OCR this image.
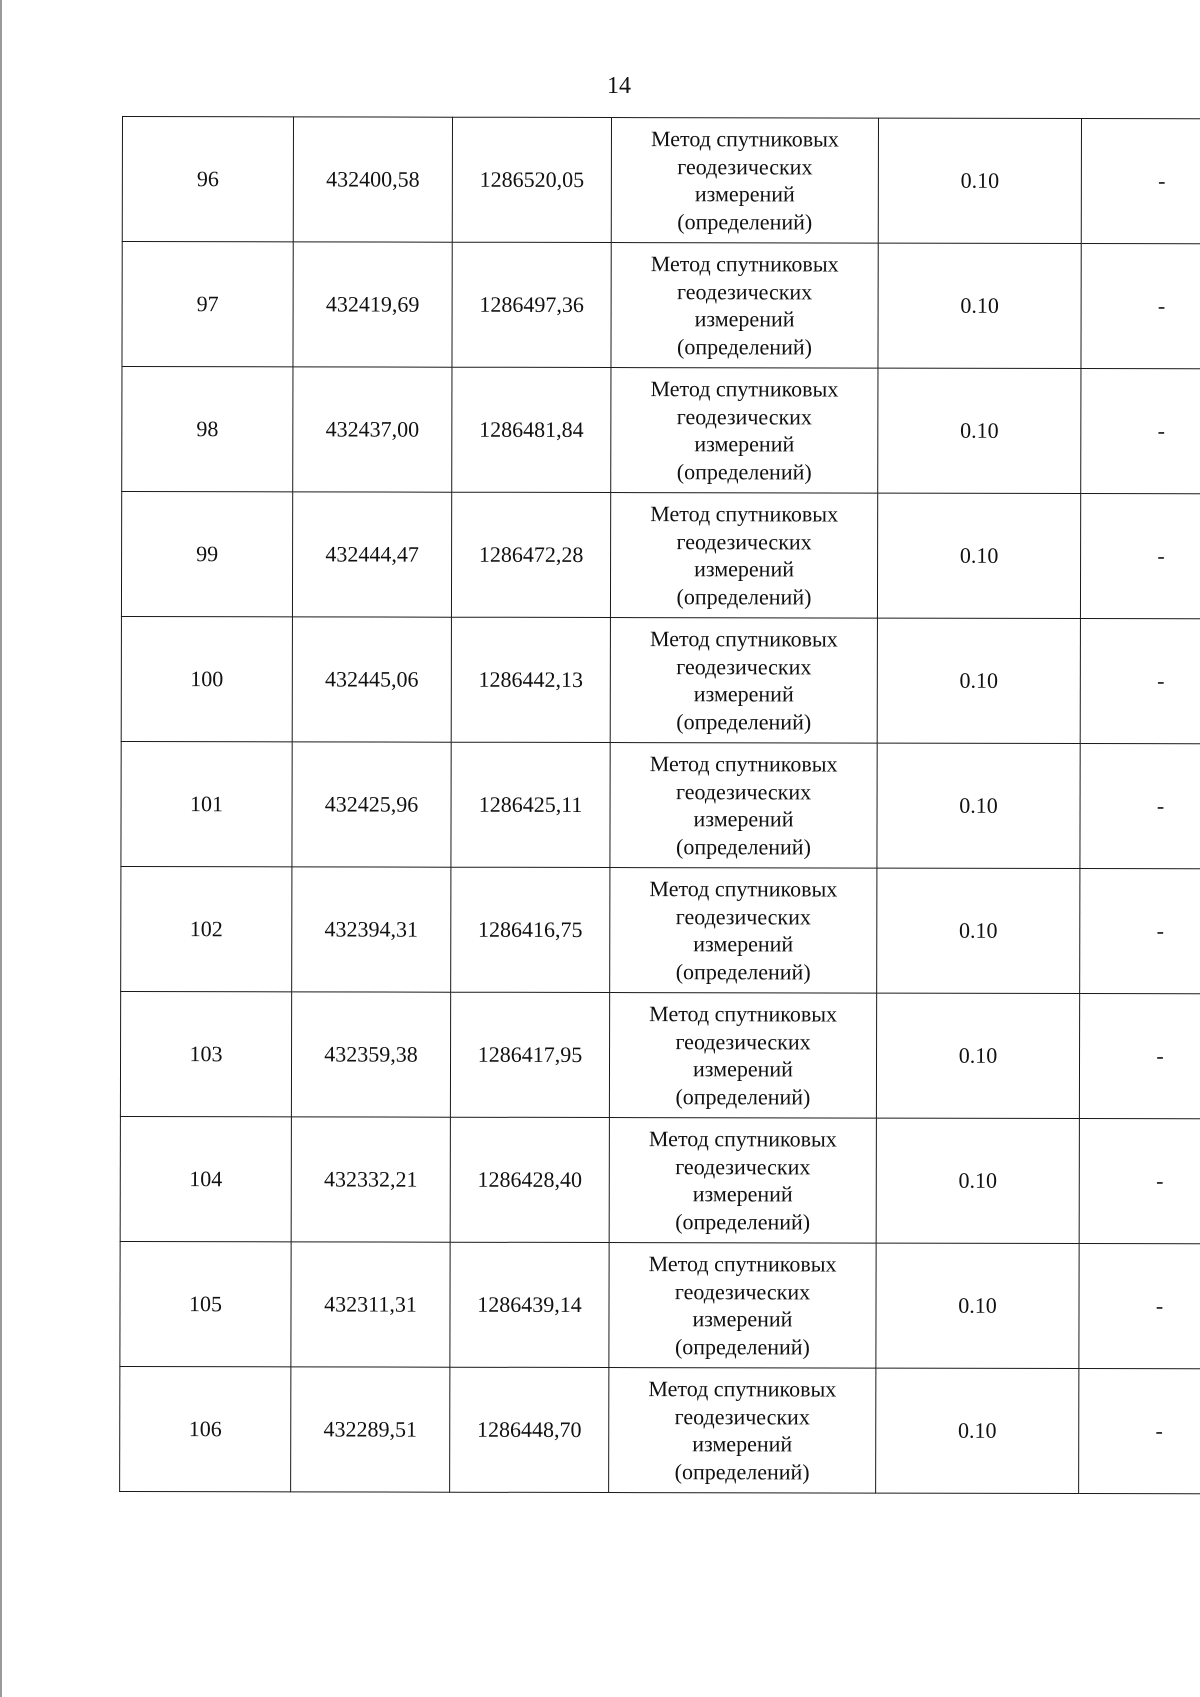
14
96	432400,58	1286520,05	Метод спутниковых
геодезических
измерений
(определений)	0.10	-
97	432419,69	1286497,36	Метод спутниковых
геодезических
измерений
(определений)	0.10	-
98	432437,00	1286481,84	Метод спутниковых
геодезических
измерений
(определений)	0.10	-
99	432444,47	1286472,28	Метод спутниковых
геодезических
измерений
(определений)	0.10	-
100	432445,06	1286442,13	Метод спутниковых
геодезических
измерений
(определений)	0.10	-
101	432425,96	1286425,11	Метод спутниковых
геодезических
измерений
(определений)	0.10	-
102	432394,31	1286416,75	Метод спутниковых
геодезических
измерений
(определений)	0.10	-
103	432359,38	1286417,95	Метод спутниковых
геодезических
измерений
(определений)	0.10	-
104	432332,21	1286428,40	Метод спутниковых
геодезических
измерений
(определений)	0.10	-
105	432311,31	1286439,14	Метод спутниковых
геодезических
измерений
(определений)	0.10	-
106	432289,51	1286448,70	Метод спутниковых
геодезических
измерений
(определений)	0.10	-
